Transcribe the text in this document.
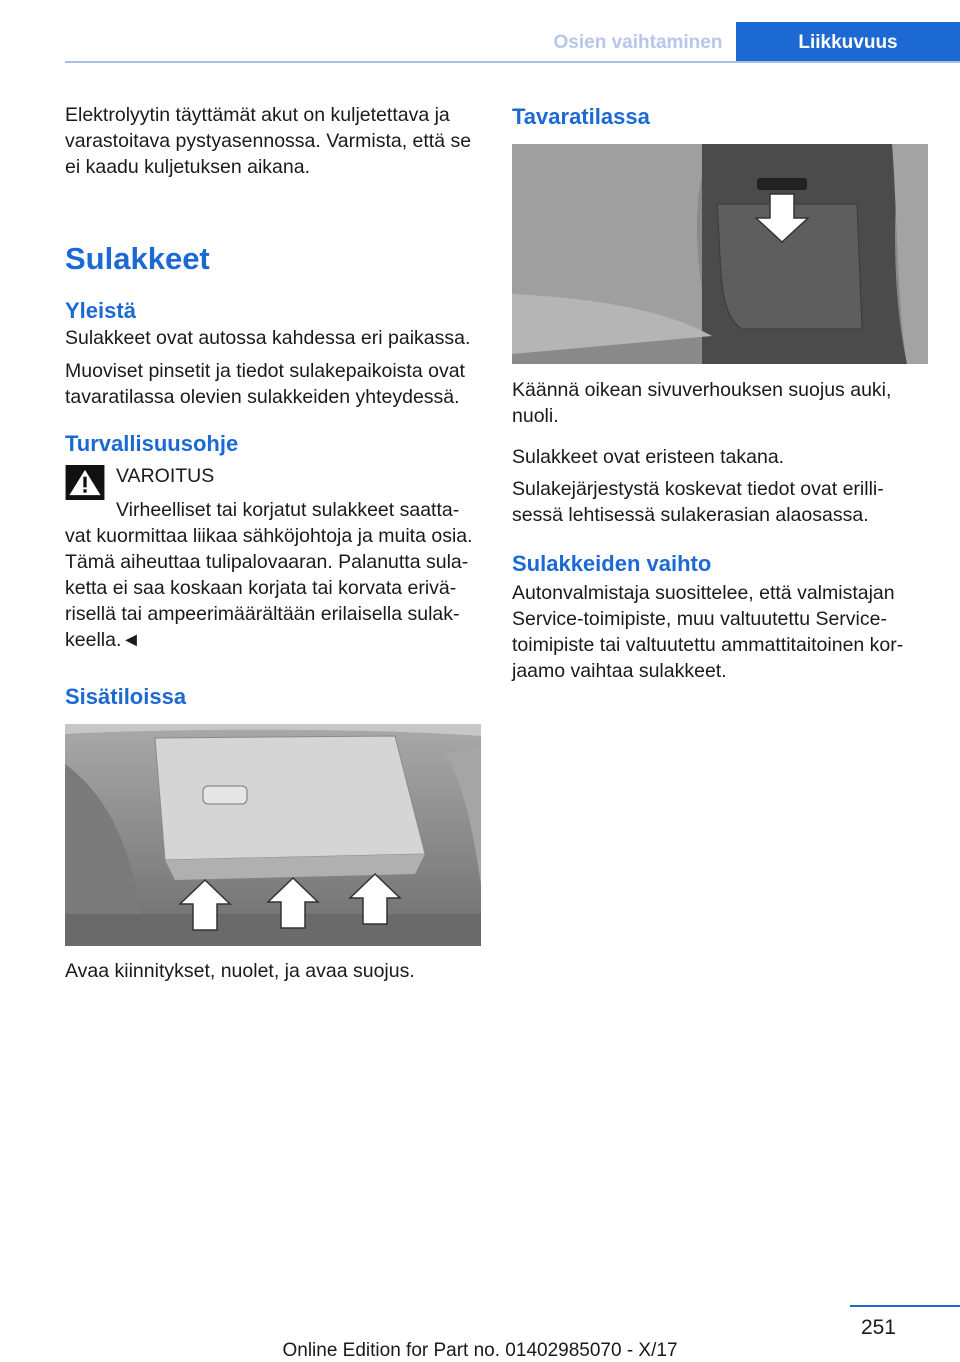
Osien vaihtaminen	Liikkuvuus

Elektrolyytin täyttämät akut on kuljetettava ja varastoitava pystyasennossa. Varmista, että se ei kaadu kuljetuksen aikana.

Sulakkeet
Yleistä

Sulakkeet ovat autossa kahdessa eri paikassa.

Muoviset pinsetit ja tiedot sulakepaikoista ovat tavaratilassa olevien sulakkeiden yhteydessä.

Turvallisuusohje

VAROITUS

Virheelliset tai korjatut sulakkeet saatta-

vat kuormittaa liikaa sähköjohtoja ja muita osia. Tämä aiheuttaa tulipalovaaran. Palanutta sulaketta ei saa koskaan korjata tai korvata erivärisellä tai ampeerimäärältään erilaisella sulakkeella.◄

Sisätiloissa

Avaa kiinnitykset, nuolet, ja avaa suojus.

Tavaratilassa

Käännä oikean sivuverhouksen suojus auki, nuoli.

Sulakkeet ovat eristeen takana.

Sulakejärjestystä koskevat tiedot ovat erillisessä lehtisessä sulakerasian alaosassa.

Sulakkeiden vaihto

Autonvalmistaja suosittelee, että valmistajan Service-toimipiste, muu valtuutettu Service-toimipiste tai valtuutettu ammattitaitoinen korjaamo vaihtaa sulakkeet.

251
Online Edition for Part no. 01402985070 - X/17
